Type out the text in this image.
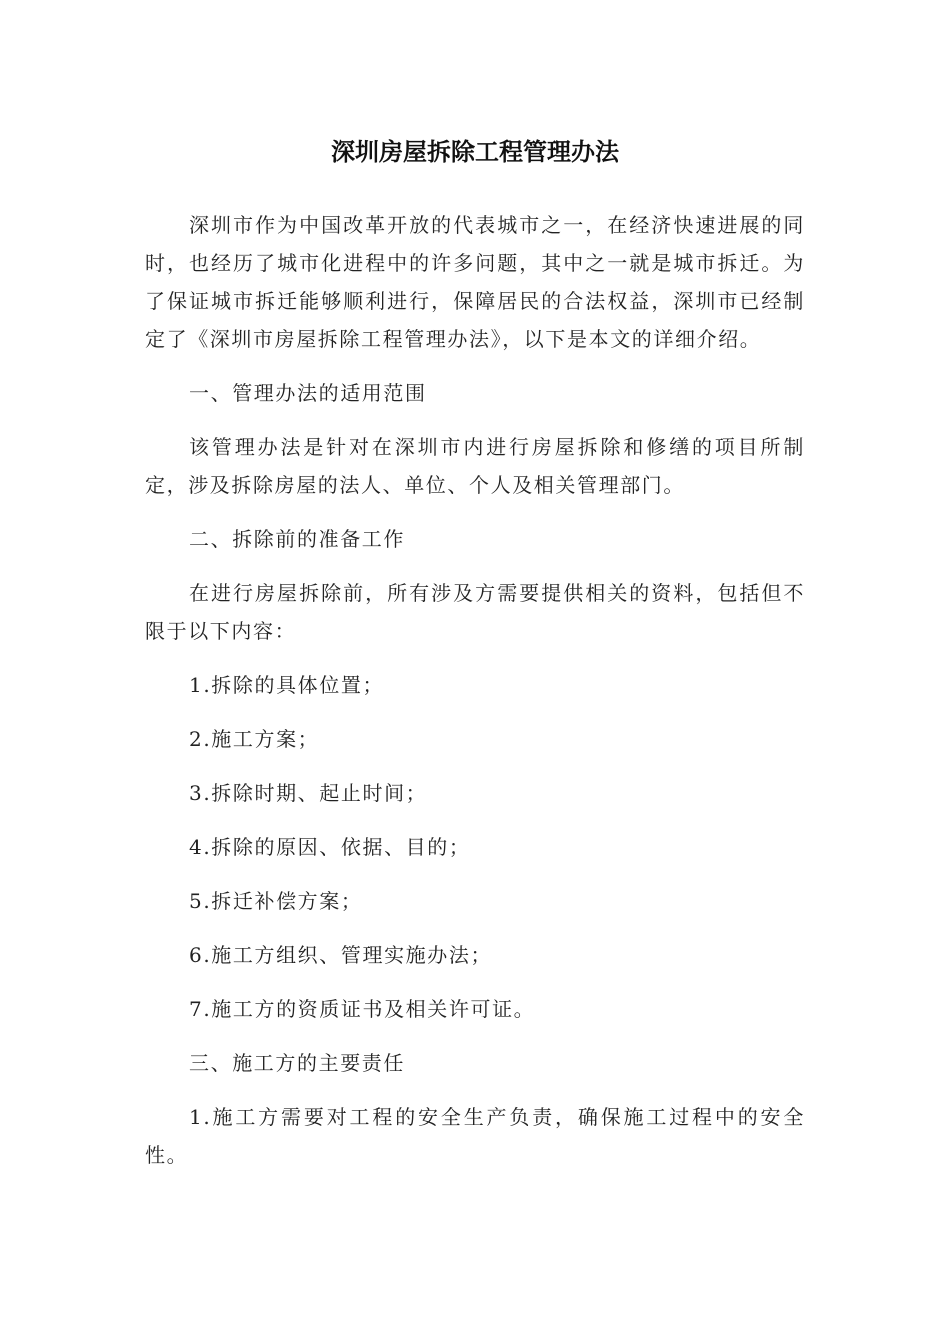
深圳房屋拆除工程管理办法

深圳市作为中国改革开放的代表城市之一，在经济快速进展的同时，也经历了城市化进程中的许多问题，其中之一就是城市拆迁。为了保证城市拆迁能够顺利进行，保障居民的合法权益，深圳市已经制定了《深圳市房屋拆除工程管理办法》，以下是本文的详细介绍。

一、管理办法的适用范围

该管理办法是针对在深圳市内进行房屋拆除和修缮的项目所制定，涉及拆除房屋的法人、单位、个人及相关管理部门。

二、拆除前的准备工作

在进行房屋拆除前，所有涉及方需要提供相关的资料，包括但不限于以下内容：

1.拆除的具体位置；

2.施工方案；

3.拆除时期、起止时间；

4.拆除的原因、依据、目的；

5.拆迁补偿方案；

6.施工方组织、管理实施办法；

7.施工方的资质证书及相关许可证。

三、施工方的主要责任

1.施工方需要对工程的安全生产负责，确保施工过程中的安全性。
